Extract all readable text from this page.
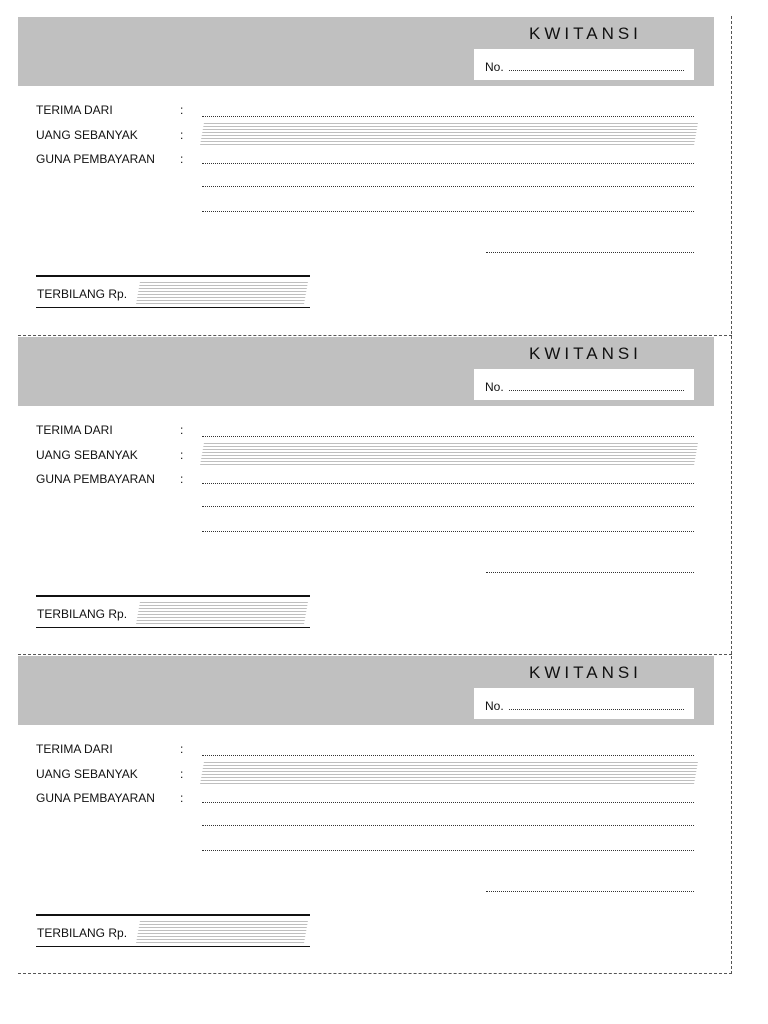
KWITANSI
No.
TERIMA DARI	:
UANG SEBANYAK	:
GUNA PEMBAYARAN :
TERBILANG Rp.
KWITANSI
No.
TERIMA DARI	:
UANG SEBANYAK	:
GUNA PEMBAYARAN :
TERBILANG Rp.
KWITANSI
No.
TERIMA DARI	:
UANG SEBANYAK	:
GUNA PEMBAYARAN :
TERBILANG Rp.
